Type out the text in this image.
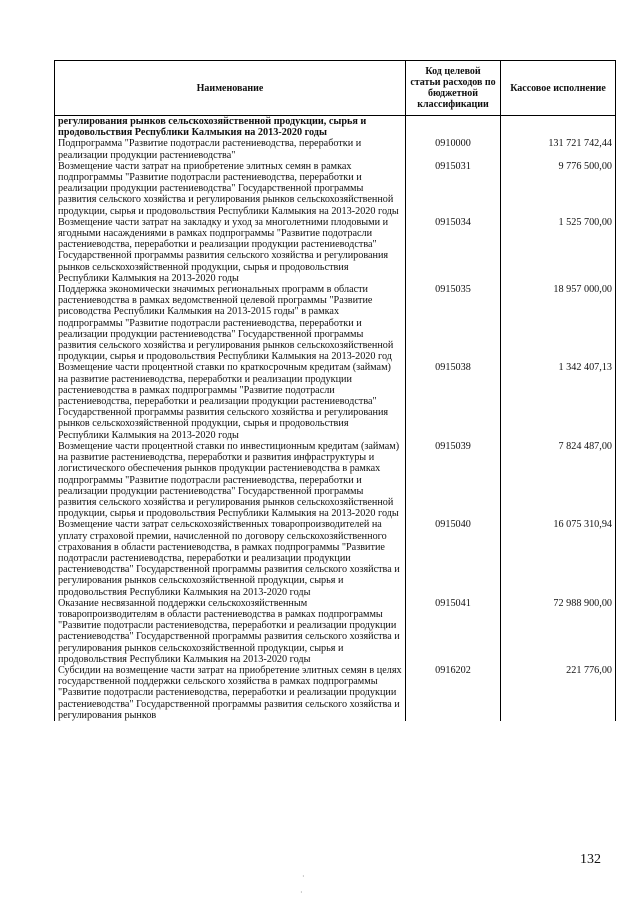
Наименование	Код целевой статьи расходов по бюджетной классификации	Кассовое исполнение
регулирования рынков сельскохозяйственной продукции, сырья и продовольствия Республики Калмыкия на 2013-2020 годы		
Подпрограмма "Развитие подотрасли растениеводства, переработки и реализации продукции растениеводства"	0910000	131 721 742,44
Возмещение части затрат на приобретение элитных семян в рамках подпрограммы "Развитие подотрасли растениеводства, переработки и реализации продукции растениеводства" Государственной программы развития сельского хозяйства и регулирования рынков сельскохозяйственной продукции, сырья и продовольствия Республики Калмыкия на 2013-2020 годы	0915031	9 776 500,00
Возмещение части затрат на закладку и уход за многолетними плодовыми и ягодными насаждениями в рамках подпрограммы "Развитие подотрасли растениеводства, переработки и реализации продукции растениеводства" Государственной программы развития сельского хозяйства и регулирования рынков сельскохозяйственной продукции, сырья и продовольствия Республики Калмыкия на 2013-2020 годы	0915034	1 525 700,00
Поддержка экономически значимых региональных программ в области растениеводства в рамках ведомственной целевой программы "Развитие рисоводства Республики Калмыкия на 2013-2015 годы" в рамках подпрограммы "Развитие подотрасли растениеводства, переработки и реализации продукции растениеводства" Государственной программы развития сельского хозяйства и регулирования рынков сельскохозяйственной продукции, сырья и продовольствия Республики Калмыкия на 2013-2020 год	0915035	18 957 000,00
Возмещение части процентной ставки по краткосрочным кредитам (займам) на развитие растениеводства, переработки и реализации продукции растениеводства в рамках подпрограммы "Развитие подотрасли растениеводства, переработки и реализации продукции растениеводства" Государственной программы развития сельского хозяйства и регулирования рынков сельскохозяйственной продукции, сырья и продовольствия Республики Калмыкия на 2013-2020 годы	0915038	1 342 407,13
Возмещение части процентной ставки по инвестиционным кредитам (займам) на развитие растениеводства, переработки и развития инфраструктуры и логистического обеспечения рынков продукции растениеводства в рамках подпрограммы "Развитие подотрасли растениеводства, переработки и реализации продукции растениеводства" Государственной программы развития сельского хозяйства и регулирования рынков сельскохозяйственной продукции, сырья и продовольствия Республики Калмыкия на 2013-2020 годы	0915039	7 824 487,00
Возмещение части затрат сельскохозяйственных товаропроизводителей на уплату страховой премии, начисленной по договору сельскохозяйственного страхования в области растениеводства, в рамках подпрограммы "Развитие подотрасли растениеводства, переработки и реализации продукции растениеводства" Государственной программы развития сельского хозяйства и регулирования рынков сельскохозяйственной продукции, сырья и продовольствия Республики Калмыкия на 2013-2020 годы	0915040	16 075 310,94
Оказание несвязанной поддержки сельскохозяйственным товаропроизводителям в области растениеводства в рамках подпрограммы "Развитие подотрасли растениеводства, переработки и реализации продукции растениеводства" Государственной программы развития сельского хозяйства и регулирования рынков сельскохозяйственной продукции, сырья и продовольствия Республики Калмыкия на 2013-2020 годы	0915041	72 988 900,00
Субсидии на возмещение части затрат на приобретение элитных семян в целях государственной поддержки сельского хозяйства в рамках подпрограммы "Развитие подотрасли растениеводства, переработки и реализации продукции растениеводства" Государственной программы развития сельского хозяйства и регулирования рынков	0916202	221 776,00
132
·
·
